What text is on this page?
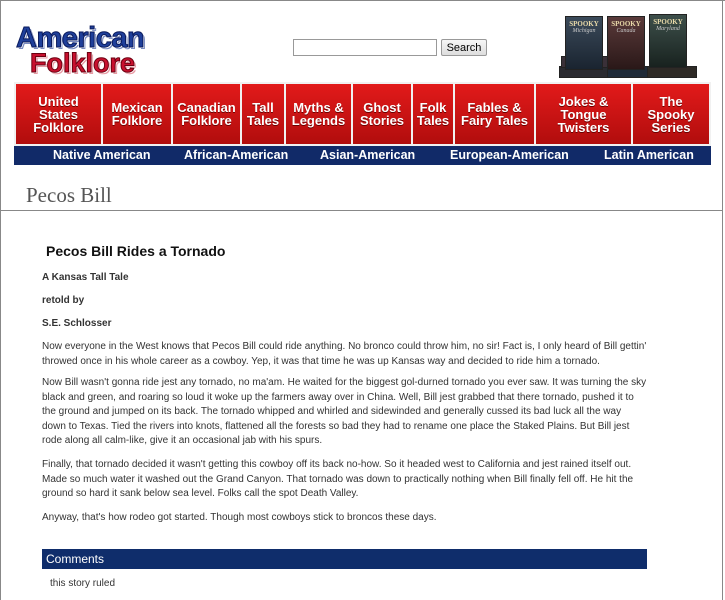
American
Folklore
Search
SPOOKY
Michigan
SPOOKY
Canada
SPOOKY
Maryland
United States Folklore
Mexican Folklore
Canadian Folklore
Tall Tales
Myths & Legends
Ghost Stories
Folk Tales
Fables & Fairy Tales
Jokes & Tongue Twisters
The Spooky Series
Native American	African-American	Asian-American	European-American	Latin American
Pecos Bill
Pecos Bill Rides a Tornado
A Kansas Tall Tale
retold by
S.E. Schlosser

Now everyone in the West knows that Pecos Bill could ride anything. No bronco could throw him, no sir! Fact is, I only heard of Bill gettin' throwed once in his whole career as a cowboy. Yep, it was that time he was up Kansas way and decided to ride him a tornado.

Now Bill wasn't gonna ride jest any tornado, no ma'am. He waited for the biggest gol-durned tornado you ever saw. It was turning the sky black and green, and roaring so loud it woke up the farmers away over in China. Well, Bill jest grabbed that there tornado, pushed it to the ground and jumped on its back. The tornado whipped and whirled and sidewinded and generally cussed its bad luck all the way down to Texas. Tied the rivers into knots, flattened all the forests so bad they had to rename one place the Staked Plains. But Bill jest rode along all calm-like, give it an occasional jab with his spurs.

Finally, that tornado decided it wasn't getting this cowboy off its back no-how. So it headed west to California and jest rained itself out. Made so much water it washed out the Grand Canyon. That tornado was down to practically nothing when Bill finally fell off. He hit the ground so hard it sank below sea level. Folks call the spot Death Valley.

Anyway, that's how rodeo got started. Though most cowboys stick to broncos these days.

Comments
this story ruled
